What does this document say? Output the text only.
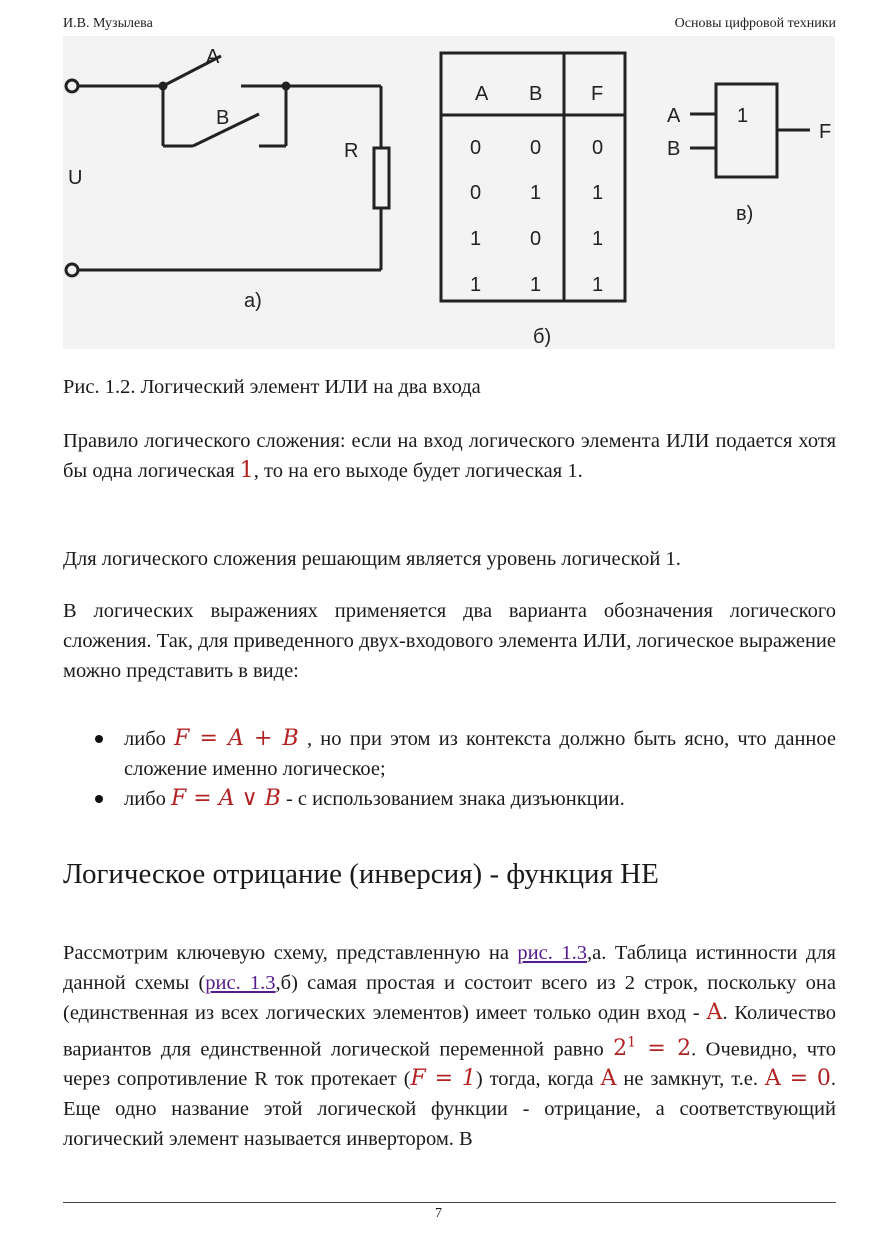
И.В. Музылева	Основы цифровой техники
A
B
R
U
а)
A B F
0 0	0
0 1	1
1 0	1
1 1	1
б)
A
B
1
F
в)
Рис. 1.2. Логический элемент ИЛИ на два входа
Правило логического сложения: если на вход логического элемента ИЛИ подается хотя бы одна логическая 1, то на его выходе будет логическая 1.
Для логического сложения решающим является уровень логической 1.
В логических выражениях применяется два варианта обозначения логического сложения. Так, для приведенного двух-входового элемента ИЛИ, логическое выражение можно представить в виде:
либо F = A + B , но при этом из контекста должно быть ясно, что данное сложение именно логическое;
либо F = A ∨ B - с использованием знака дизъюнкции.
Логическое отрицание (инверсия) - функция НЕ
Рассмотрим ключевую схему, представленную на рис. 1.3,а. Таблица истинности для данной схемы (рис. 1.3,б) самая простая и состоит всего из 2 строк, поскольку она (единственная из всех логических элементов) имеет только один вход - A. Количество вариантов для единственной логической переменной равно $2^1 = 2$. Очевидно, что через сопротивление R ток протекает (F = 1) тогда, когда A не замкнут, т.е. A = 0. Еще одно название этой логической функции - отрицание, а соответствующий логический элемент называется инвертором. В
7
